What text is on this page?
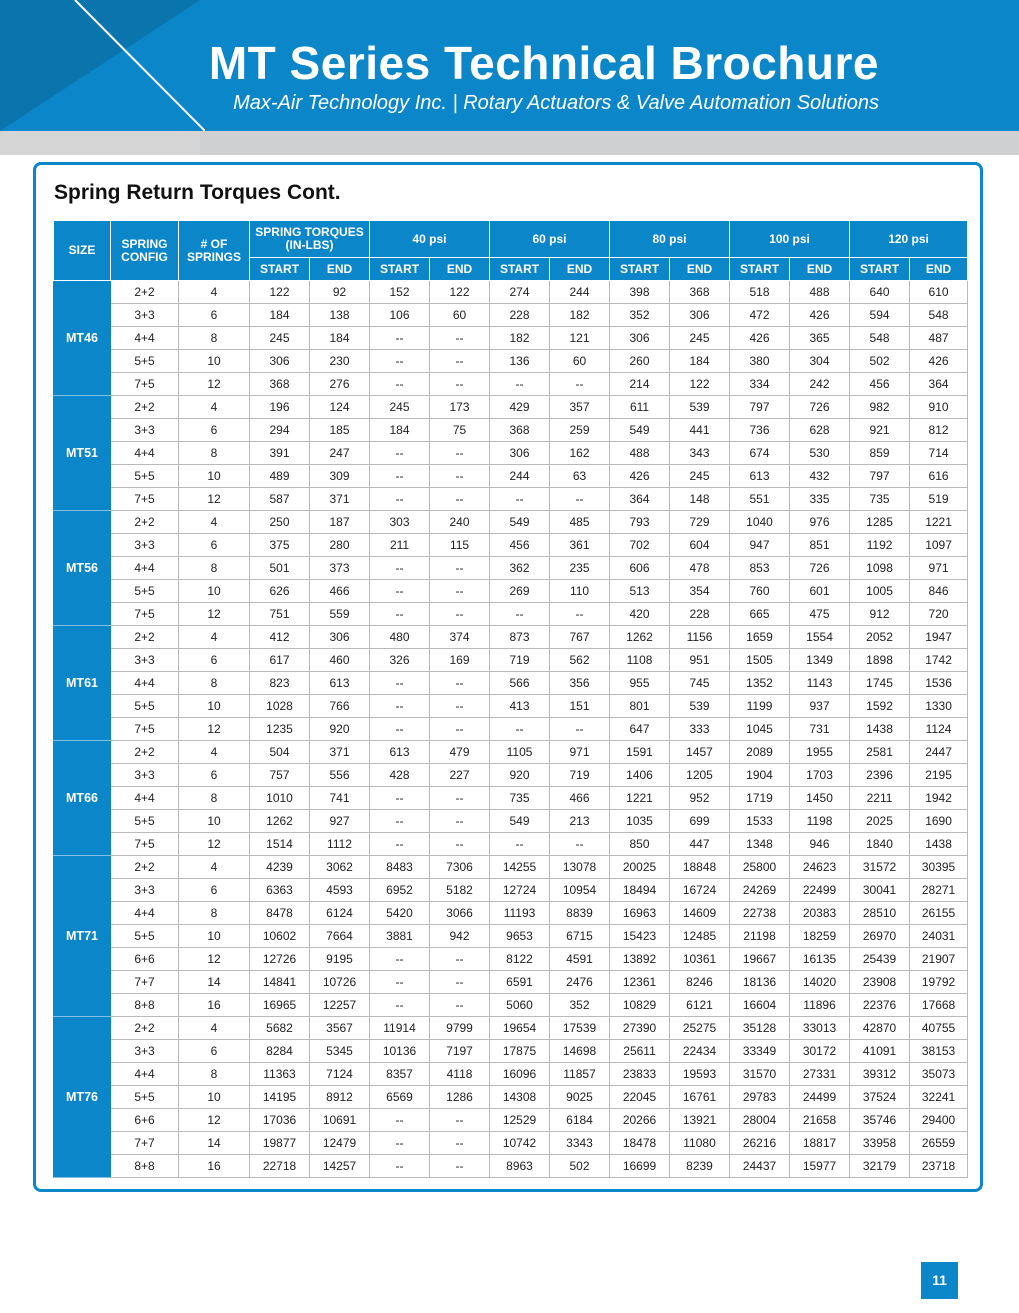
MT Series Technical Brochure
Max-Air Technology Inc. | Rotary Actuators & Valve Automation Solutions
Spring Return Torques Cont.
SIZE	SPRING CONFIG	# OF SPRINGS	SPRING TORQUES (IN-LBS)		40 psi		60 psi		80 psi		100 psi		120 psi	
			START	END	START	END	START	END	START	END	START	END	START	END
MT46	2+2	4	122	92	152	122	274	244	398	368	518	488	640	610
	3+3	6	184	138	106	60	228	182	352	306	472	426	594	548
	4+4	8	245	184	--	--	182	121	306	245	426	365	548	487
	5+5	10	306	230	--	--	136	60	260	184	380	304	502	426
	7+5	12	368	276	--	--	--	--	214	122	334	242	456	364
MT51	2+2	4	196	124	245	173	429	357	611	539	797	726	982	910
	3+3	6	294	185	184	75	368	259	549	441	736	628	921	812
	4+4	8	391	247	--	--	306	162	488	343	674	530	859	714
	5+5	10	489	309	--	--	244	63	426	245	613	432	797	616
	7+5	12	587	371	--	--	--	--	364	148	551	335	735	519
MT56	2+2	4	250	187	303	240	549	485	793	729	1040	976	1285	1221
	3+3	6	375	280	211	115	456	361	702	604	947	851	1192	1097
	4+4	8	501	373	--	--	362	235	606	478	853	726	1098	971
	5+5	10	626	466	--	--	269	110	513	354	760	601	1005	846
	7+5	12	751	559	--	--	--	--	420	228	665	475	912	720
MT61	2+2	4	412	306	480	374	873	767	1262	1156	1659	1554	2052	1947
	3+3	6	617	460	326	169	719	562	1108	951	1505	1349	1898	1742
	4+4	8	823	613	--	--	566	356	955	745	1352	1143	1745	1536
	5+5	10	1028	766	--	--	413	151	801	539	1199	937	1592	1330
	7+5	12	1235	920	--	--	--	--	647	333	1045	731	1438	1124
MT66	2+2	4	504	371	613	479	1105	971	1591	1457	2089	1955	2581	2447
	3+3	6	757	556	428	227	920	719	1406	1205	1904	1703	2396	2195
	4+4	8	1010	741	--	--	735	466	1221	952	1719	1450	2211	1942
	5+5	10	1262	927	--	--	549	213	1035	699	1533	1198	2025	1690
	7+5	12	1514	1112	--	--	--	--	850	447	1348	946	1840	1438
MT71	2+2	4	4239	3062	8483	7306	14255	13078	20025	18848	25800	24623	31572	30395
	3+3	6	6363	4593	6952	5182	12724	10954	18494	16724	24269	22499	30041	28271
	4+4	8	8478	6124	5420	3066	11193	8839	16963	14609	22738	20383	28510	26155
	5+5	10	10602	7664	3881	942	9653	6715	15423	12485	21198	18259	26970	24031
	6+6	12	12726	9195	--	--	8122	4591	13892	10361	19667	16135	25439	21907
	7+7	14	14841	10726	--	--	6591	2476	12361	8246	18136	14020	23908	19792
	8+8	16	16965	12257	--	--	5060	352	10829	6121	16604	11896	22376	17668
MT76	2+2	4	5682	3567	11914	9799	19654	17539	27390	25275	35128	33013	42870	40755
	3+3	6	8284	5345	10136	7197	17875	14698	25611	22434	33349	30172	41091	38153
	4+4	8	11363	7124	8357	4118	16096	11857	23833	19593	31570	27331	39312	35073
	5+5	10	14195	8912	6569	1286	14308	9025	22045	16761	29783	24499	37524	32241
	6+6	12	17036	10691	--	--	12529	6184	20266	13921	28004	21658	35746	29400
	7+7	14	19877	12479	--	--	10742	3343	18478	11080	26216	18817	33958	26559
	8+8	16	22718	14257	--	--	8963	502	16699	8239	24437	15977	32179	23718
11
